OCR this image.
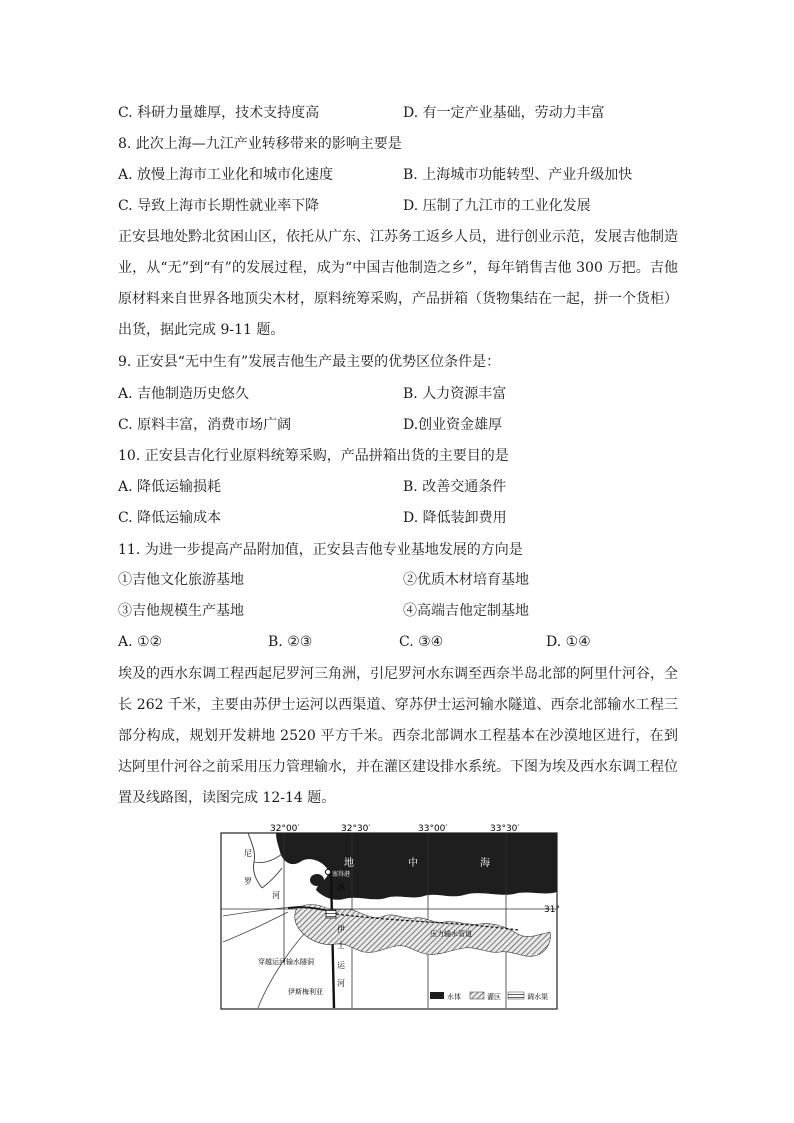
C. 科研力量雄厚，技术支持度高	D. 有一定产业基础，劳动力丰富
8. 此次上海—九江产业转移带来的影响主要是
A. 放慢上海市工业化和城市化速度	B. 上海城市功能转型、产业升级加快
C. 导致上海市长期性就业率下降	D. 压制了九江市的工业化发展
正安县地处黔北贫困山区，依托从广东、江苏务工返乡人员，进行创业示范，发展吉他制造业，从“无”到“有”的发展过程，成为“中国吉他制造之乡”，每年销售吉他 300 万把。吉他原材料来自世界各地顶尖木材，原料统筹采购，产品拼箱（货物集结在一起，拼一个货柜）出货，据此完成 9-11 题。
9. 正安县“无中生有”发展吉他生产最主要的优势区位条件是：
A. 吉他制造历史悠久	B. 人力资源丰富
C. 原料丰富，消费市场广阔	D.创业资金雄厚
10. 正安县吉化行业原料统筹采购，产品拼箱出货的主要目的是
A. 降低运输损耗	B. 改善交通条件
C. 降低运输成本	D. 降低装卸费用
11. 为进一步提高产品附加值，正安县吉他专业基地发展的方向是
①吉他文化旅游基地	②优质木材培育基地
③吉他规模生产基地	④高端吉他定制基地
A. ①②	B. ②③	C. ③④	D. ①④
埃及的西水东调工程西起尼罗河三角洲，引尼罗河水东调至西奈半岛北部的阿里什河谷，全长 262 千米，主要由苏伊士运河以西渠道、穿苏伊士运河输水隧道、西奈北部输水工程三部分构成，规划开发耕地 2520 平方千米。西奈北部调水工程基本在沙漠地区进行，在到达阿里什河谷之前采用压力管理输水，并在灌区建设排水系统。下图为埃及西水东调工程位置及线路图，读图完成 12-14 题。
32°00′	32°30′	33°00′	33°30′
31°
地	中	海
尼
罗
河
苏
伊
士
运
河
塞得港
压力输水管道
穿越运河输水隧洞
伊斯梅利亚
水体	灌区	调水渠
